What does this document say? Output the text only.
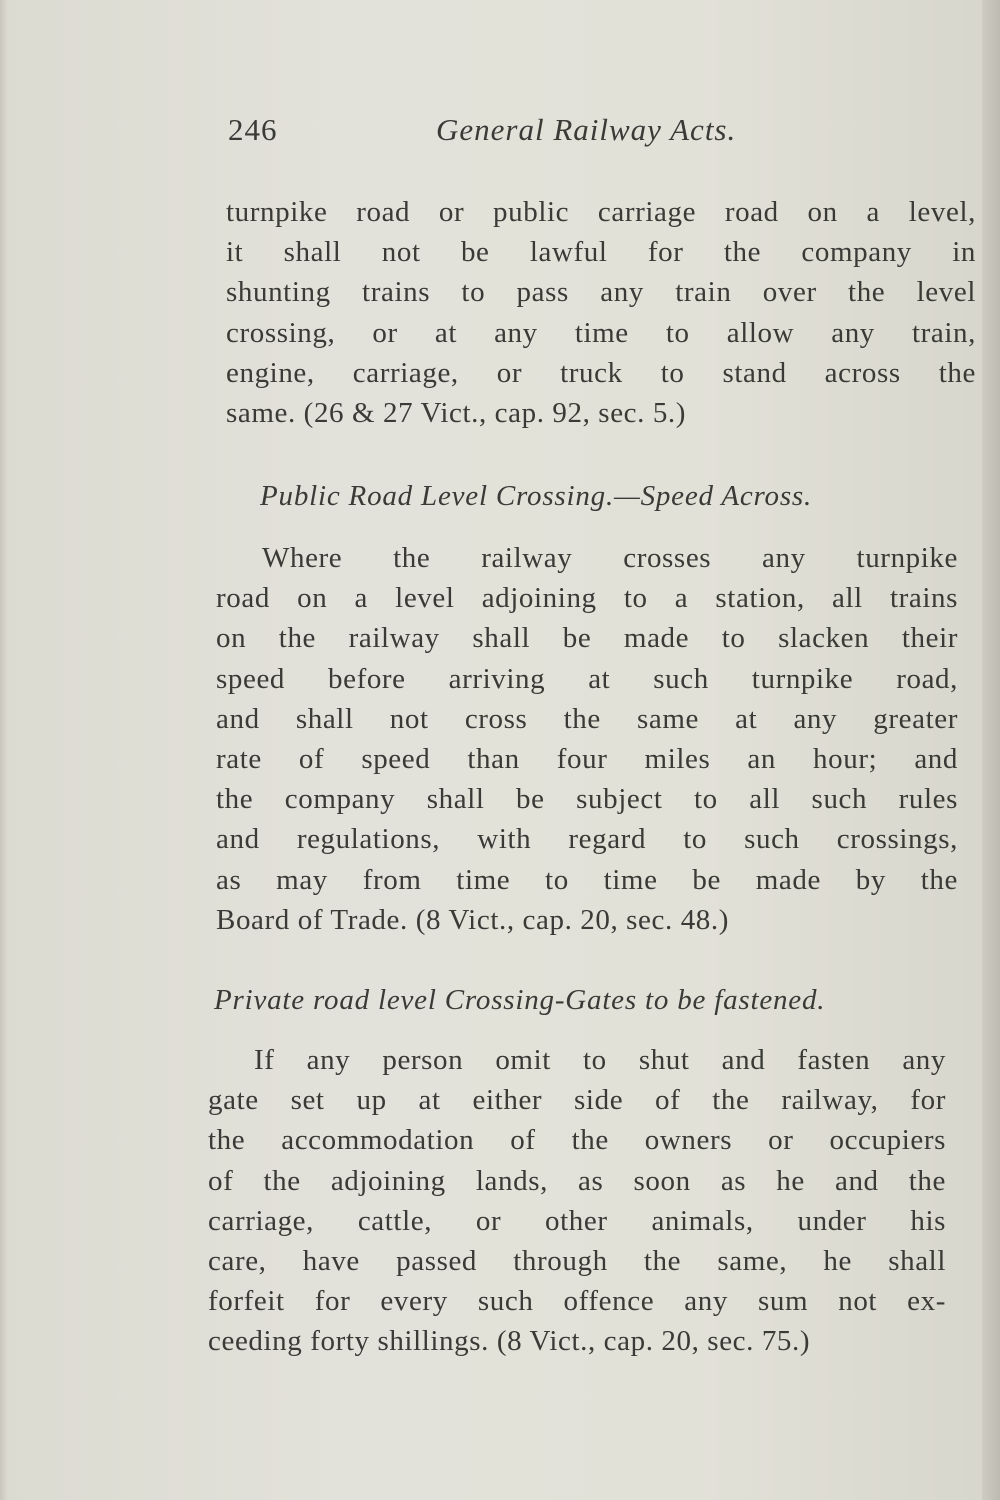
246	General Railway Acts.
turnpike road or public carriage road on a level,
it shall not be lawful for the company in
shunting trains to pass any train over the level
crossing, or at any time to allow any train,
engine, carriage, or truck to stand across the
same. (26 & 27 Vict., cap. 92, sec. 5.)
Public Road Level Crossing.—Speed Across.
Where the railway crosses any turnpike
road on a level adjoining to a station, all trains
on the railway shall be made to slacken their
speed before arriving at such turnpike road,
and shall not cross the same at any greater
rate of speed than four miles an hour; and
the company shall be subject to all such rules
and regulations, with regard to such crossings,
as may from time to time be made by the
Board of Trade. (8 Vict., cap. 20, sec. 48.)
Private road level Crossing-Gates to be fastened.
If any person omit to shut and fasten any
gate set up at either side of the railway, for
the accommodation of the owners or occupiers
of the adjoining lands, as soon as he and the
carriage, cattle, or other animals, under his
care, have passed through the same, he shall
forfeit for every such offence any sum not ex-
ceeding forty shillings. (8 Vict., cap. 20, sec. 75.)
